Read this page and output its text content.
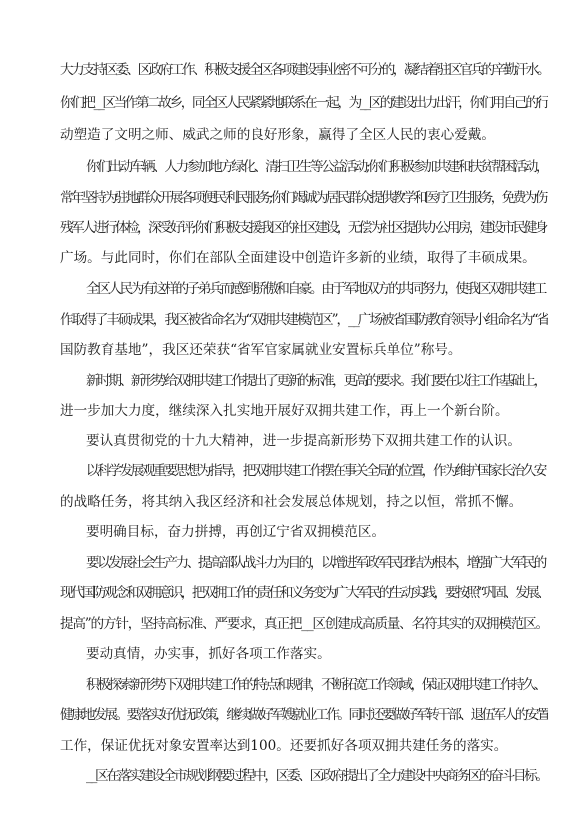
大力支持区委、区政府工作、积极支援全区各项建设事业密不可分的，凝结着驻区官兵的辛勤汗水。
你们把__区当作第二故乡，同全区人民紧紧地联系在一起，为__区的建设出力出汗，你们用自己的行
动塑造了文明之师、威武之师的良好形象，赢得了全区人民的衷心爱戴。
你们出动车辆、人力参加地方绿化、清扫卫生等公益活动;你们积极参加共建和扶贫帮困活动，
常年坚持为驻地群众开展各项便民利民服务;你们竭诚为居民群众提供教学和医疗卫生服务，免费为伤
残军人进行体检，深受好评;你们积极支援我区的社区建设，无偿为社区提供办公用房，建设市民健身
广场。与此同时，你们在部队全面建设中创造许多新的业绩，取得了丰硕成果。
全区人民为有这样的子弟兵而感到骄傲和自豪。由于军地双方的共同努力，使我区双拥共建工
作取得了丰硕成果，我区被省命名为“双拥共建模范区”，__广场被省国防教育领导小组命名为“省
国防教育基地”，我区还荣获“省军官家属就业安置标兵单位”称号。
新时期、新形势给双拥共建工作提出了更新的标准，更高的要求。我们要在以往工作基础上，
进一步加大力度，继续深入扎实地开展好双拥共建工作，再上一个新台阶。
要认真贯彻党的十九大精神，进一步提高新形势下双拥共建工作的认识。
以科学发展观重要思想为指导，把双拥共建工作摆在事关全局的位置，作为维护国家长治久安
的战略任务，将其纳入我区经济和社会发展总体规划，持之以恒，常抓不懈。
要明确目标，奋力拼搏，再创辽宁省双拥模范区。
要以发展社会生产力、提高部队战斗力为目的，以增进军政军民团结为根本，增强广大军民的
现代国防观念和双拥意识，把双拥工作的责任和义务变为广大军民的生动实践，要按照“巩固、发展、
提高”的方针，坚持高标准、严要求，真正把__区创建成高质量、名符其实的双拥模范区。
要动真情，办实事，抓好各项工作落实。
积极探索新形势下双拥共建工作的特点和规律，不断拓宽工作领域，保证双拥共建工作持久、
健康地发展。要落实好优抚政策，继续做好军嫂就业工作。同时还要做好军转干部、退伍军人的安置
工作，保证优抚对象安置率达到100。还要抓好各项双拥共建任务的落实。
__区在落实建设全市规划纲要过程中，区委、区政府提出了全力建设中央商务区的奋斗目标。
